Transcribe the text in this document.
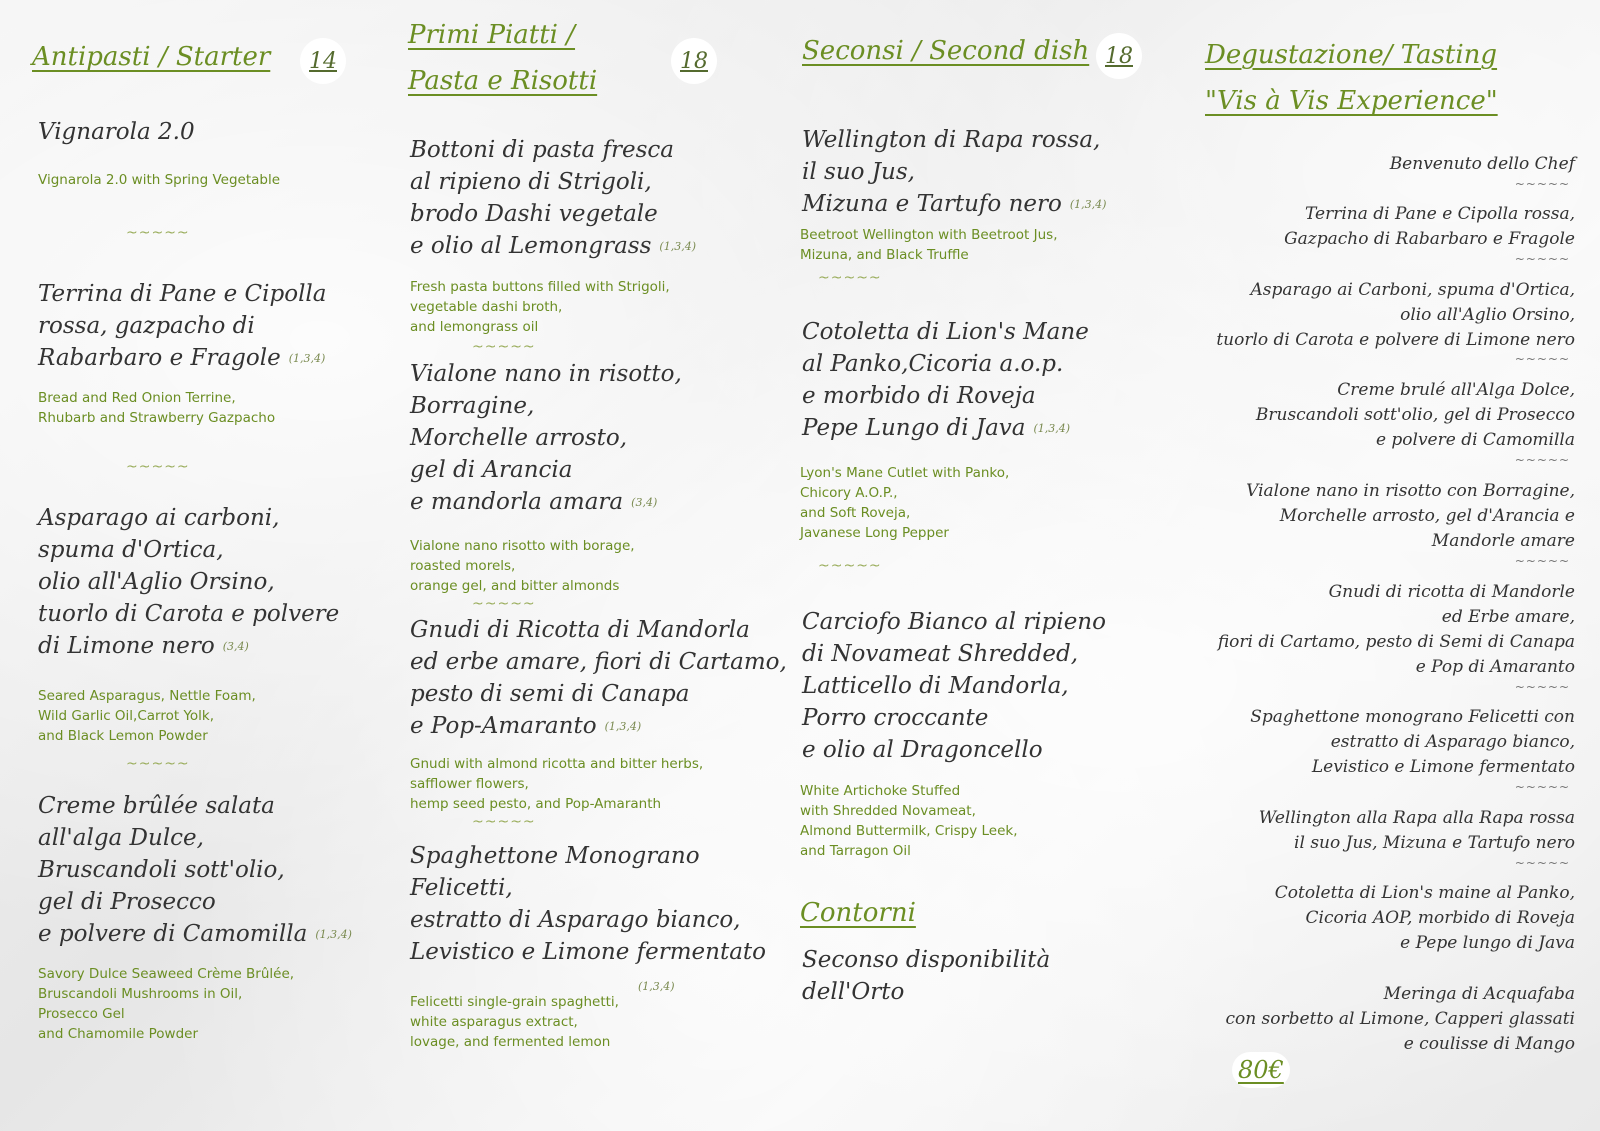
Antipasti / Starter	14
Vignarola 2.0
Vignarola 2.0 with Spring Vegetable
~~~~~
Terrina di Pane e Cipolla
rossa, gazpacho di
Rabarbaro e Fragole (1,3,4)
Bread and Red Onion Terrine,
Rhubarb and Strawberry Gazpacho
~~~~~
Asparago ai carboni,
spuma d'Ortica,
olio all'Aglio Orsino,
tuorlo di Carota e polvere
di Limone nero (3,4)
Seared Asparagus, Nettle Foam,
Wild Garlic Oil,Carrot Yolk,
and Black Lemon Powder
~~~~~
Creme brûlée salata
all'alga Dulce,
Bruscandoli sott'olio,
gel di Prosecco
e polvere di Camomilla (1,3,4)
Savory Dulce Seaweed Crème Brûlée,
Bruscandoli Mushrooms in Oil,
Prosecco Gel
and Chamomile Powder
Primi Piatti /
Pasta e Risotti
18
Bottoni di pasta fresca
al ripieno di Strigoli,
brodo Dashi vegetale
e olio al Lemongrass (1,3,4)
Fresh pasta buttons filled with Strigoli,
vegetable dashi broth,
and lemongrass oil
~~~~~
Vialone nano in risotto,
Borragine,
Morchelle arrosto,
gel di Arancia
e mandorla amara (3,4)
Vialone nano risotto with borage,
roasted morels,
orange gel, and bitter almonds
~~~~~
Gnudi di Ricotta di Mandorla
ed erbe amare, fiori di Cartamo,
pesto di semi di Canapa
e Pop-Amaranto (1,3,4)
Gnudi with almond ricotta and bitter herbs,
safflower flowers,
hemp seed pesto, and Pop-Amaranth
~~~~~
Spaghettone Monograno
Felicetti,
estratto di Asparago bianco,
Levistico e Limone fermentato
(1,3,4)
Felicetti single-grain spaghetti,
white asparagus extract,
lovage, and fermented lemon
Seconsi / Second dish 18
Wellington di Rapa rossa,
il suo Jus,
Mizuna e Tartufo nero (1,3,4)
Beetroot Wellington with Beetroot Jus,
Mizuna, and Black Truffle
~~~~~
Cotoletta di Lion's Mane
al Panko,Cicoria a.o.p.
e morbido di Roveja
Pepe Lungo di Java (1,3,4)
Lyon's Mane Cutlet with Panko,
Chicory A.O.P.,
and Soft Roveja,
Javanese Long Pepper
~~~~~
Carciofo Bianco al ripieno
di Novameat Shredded,
Latticello di Mandorla,
Porro croccante
e olio al Dragoncello
White Artichoke Stuffed
with Shredded Novameat,
Almond Buttermilk, Crispy Leek,
and Tarragon Oil
Contorni
Seconso disponibilità
dell'Orto
Degustazione/ Tasting
"Vis à Vis Experience"
Benvenuto dello Chef
~~~~~
Terrina di Pane e Cipolla rossa,
Gazpacho di Rabarbaro e Fragole
~~~~~
Asparago ai Carboni, spuma d'Ortica,
olio all'Aglio Orsino,
tuorlo di Carota e polvere di Limone nero
~~~~~
Creme brulé all'Alga Dolce,
Bruscandoli sott'olio, gel di Prosecco
e polvere di Camomilla
~~~~~
Vialone nano in risotto con Borragine,
Morchelle arrosto, gel d'Arancia e
Mandorle amare
~~~~~
Gnudi di ricotta di Mandorle
ed Erbe amare,
fiori di Cartamo, pesto di Semi di Canapa
e Pop di Amaranto
~~~~~
Spaghettone monograno Felicetti con
estratto di Asparago bianco,
Levistico e Limone fermentato
~~~~~
Wellington alla Rapa alla Rapa rossa
il suo Jus, Mizuna e Tartufo nero
~~~~~
Cotoletta di Lion's maine al Panko,
Cicoria AOP, morbido di Roveja
e Pepe lungo di Java
Meringa di Acquafaba
con sorbetto al Limone, Capperi glassati
e coulisse di Mango
80€
